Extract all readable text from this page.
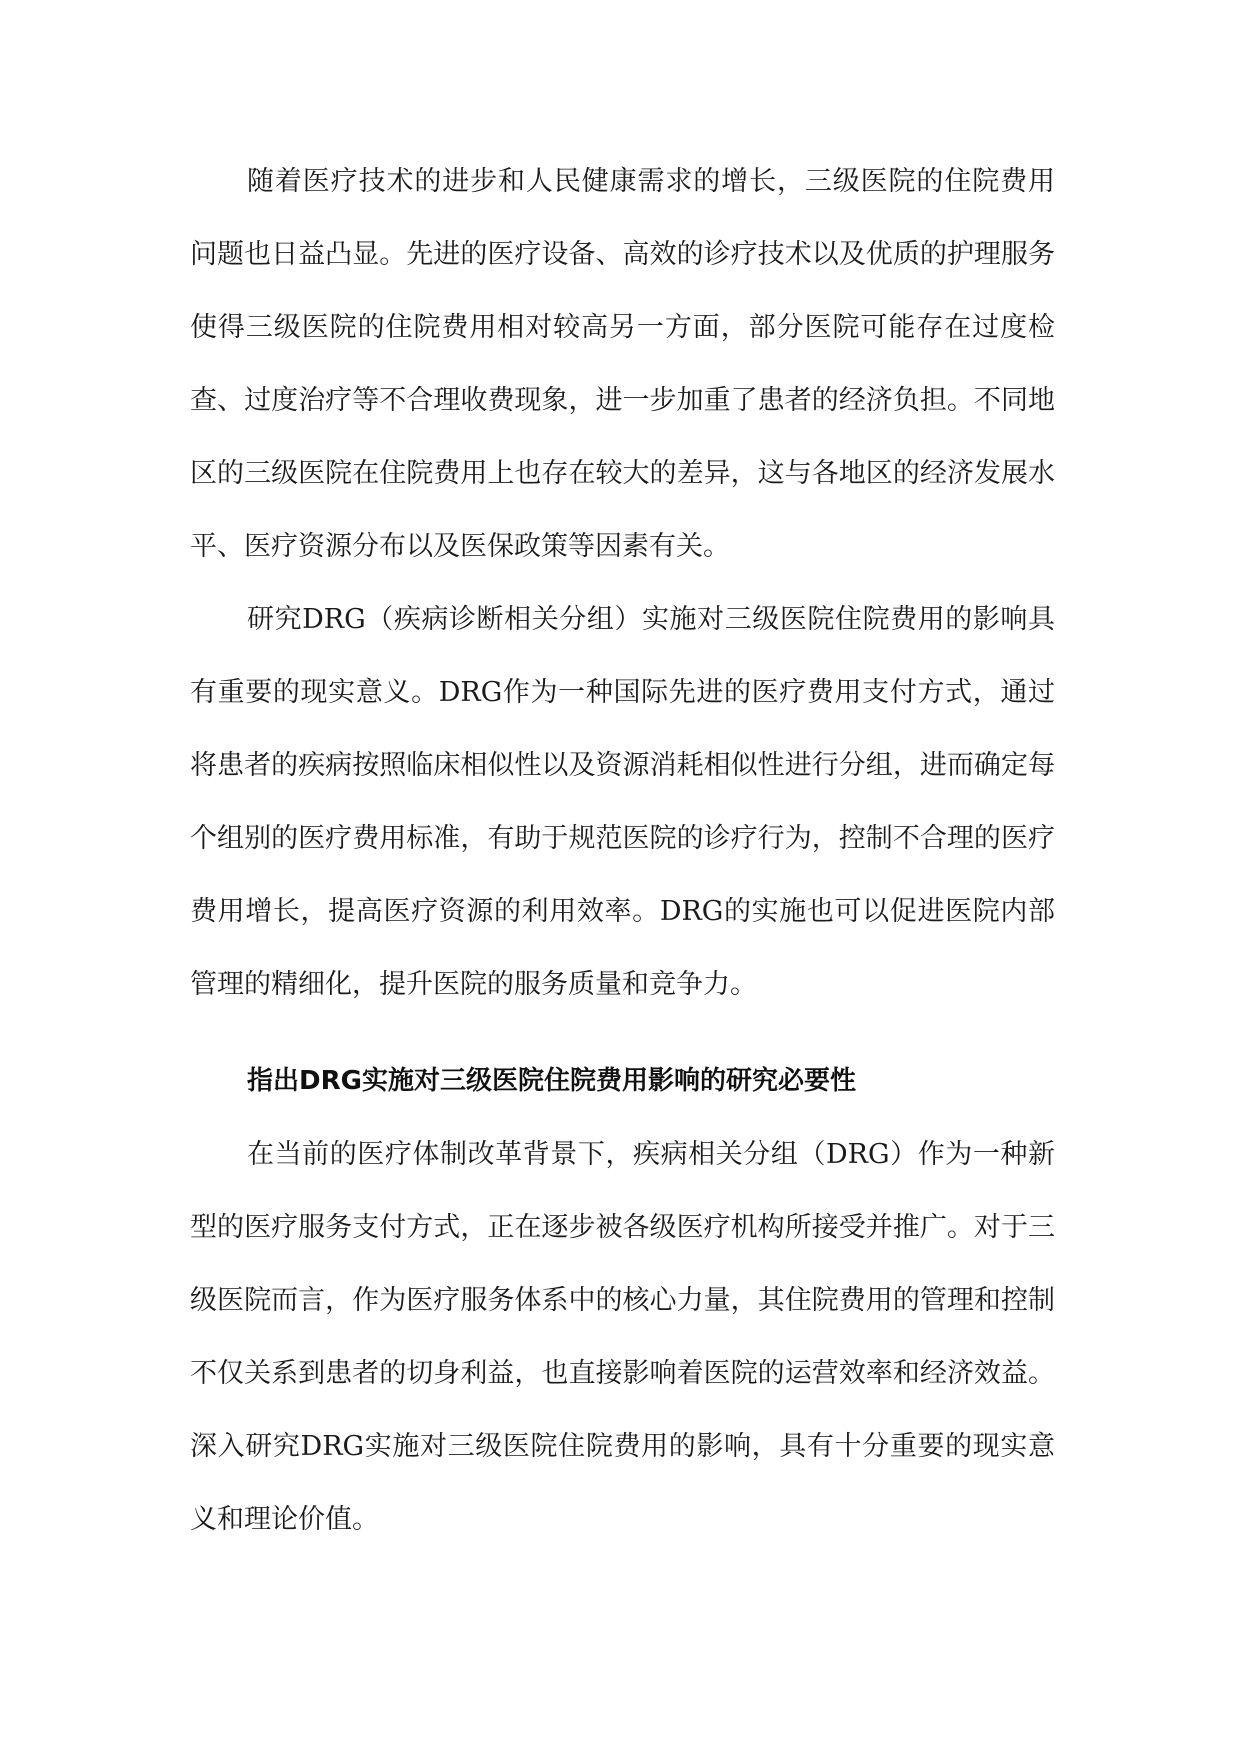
随着医疗技术的进步和人民健康需求的增长，三级医院的住院费用问题也日益凸显。先进的医疗设备、高效的诊疗技术以及优质的护理服务使得三级医院的住院费用相对较高另一方面，部分医院可能存在过度检查、过度治疗等不合理收费现象，进一步加重了患者的经济负担。不同地区的三级医院在住院费用上也存在较大的差异，这与各地区的经济发展水平、医疗资源分布以及医保政策等因素有关。

研究DRG（疾病诊断相关分组）实施对三级医院住院费用的影响具有重要的现实意义。DRG作为一种国际先进的医疗费用支付方式，通过将患者的疾病按照临床相似性以及资源消耗相似性进行分组，进而确定每个组别的医疗费用标准，有助于规范医院的诊疗行为，控制不合理的医疗费用增长，提高医疗资源的利用效率。DRG的实施也可以促进医院内部管理的精细化，提升医院的服务质量和竞争力。

指出DRG实施对三级医院住院费用影响的研究必要性

在当前的医疗体制改革背景下，疾病相关分组（DRG）作为一种新型的医疗服务支付方式，正在逐步被各级医疗机构所接受并推广。对于三级医院而言，作为医疗服务体系中的核心力量，其住院费用的管理和控制不仅关系到患者的切身利益，也直接影响着医院的运营效率和经济效益。深入研究DRG实施对三级医院住院费用的影响，具有十分重要的现实意义和理论价值。
